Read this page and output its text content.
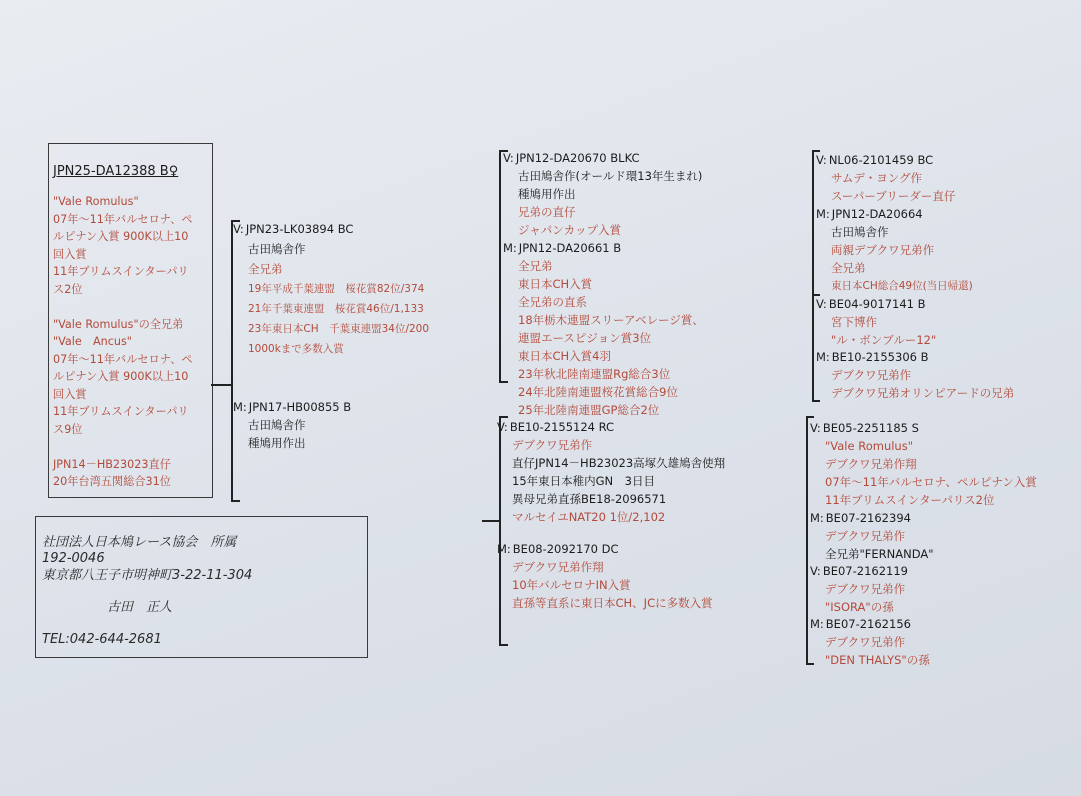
JPN25-DA12388 B♀
"Vale Romulus"
07年～11年バルセロナ、ペ
ルピナン入賞 900K以上10
回入賞
11年ブリムスインターパリ
ス2位

"Vale Romulus"の全兄弟
"Vale　Ancus"
07年～11年バルセロナ、ペ
ルピナン入賞 900K以上10
回入賞
11年ブリムスインターパリ
ス9位

JPN14－HB23023直仔
20年台湾五関総合31位
社団法人日本鳩レース協会　所属
192-0046
東京都八王子市明神町3-22-11-304
古田　正人
TEL:042-644-2681
V: JPN23-LK03894 BC
古田鳩舎作
全兄弟
19年平成千葉連盟　桜花賞82位/374
21年千葉東連盟　桜花賞46位/1,133
23年東日本CH　千葉東連盟34位/200
1000kまで多数入賞
M: JPN17-HB00855 B
古田鳩舎作
種鳩用作出
V: JPN12-DA20670 BLKC
古田鳩舎作(オールド環13年生まれ)
種鳩用作出
兄弟の直仔
ジャパンカップ入賞
M: JPN12-DA20661 B
全兄弟
東日本CH入賞
全兄弟の直系
18年栃木連盟スリーアベレージ賞、
連盟エースピジョン賞3位
東日本CH入賞4羽
23年秋北陸南連盟Rg総合3位
24年北陸南連盟桜花賞総合9位
25年北陸南連盟GP総合2位
V: BE10-2155124 RC
デブクワ兄弟作
直仔JPN14－HB23023高塚久雄鳩舎使翔
15年東日本稚内GN　3日目
異母兄弟直孫BE18-2096571
マルセイユNAT20 1位/2,102
M: BE08-2092170 DC
デブクワ兄弟作翔
10年バルセロナIN入賞
直孫等直系に東日本CH、JCに多数入賞
V: NL06-2101459 BC
サムデ・ヨング作
スーパーブリーダー直仔
M: JPN12-DA20664
古田鳩舎作
両親デブクワ兄弟作
全兄弟
東日本CH総合49位(当日帰還)
V: BE04-9017141 B
宮下博作
"ル・ボンブルー12"
M: BE10-2155306 B
デブクワ兄弟作
デブクワ兄弟オリンピアードの兄弟
V: BE05-2251185 S
"Vale Romulus"
デブクワ兄弟作翔
07年～11年バルセロナ、ペルピナン入賞
11年ブリムスインターパリス2位
M: BE07-2162394
デブクワ兄弟作
全兄弟"FERNANDA"
V: BE07-2162119
デブクワ兄弟作
"ISORA"の孫
M: BE07-2162156
デブクワ兄弟作
"DEN THALYS"の孫
